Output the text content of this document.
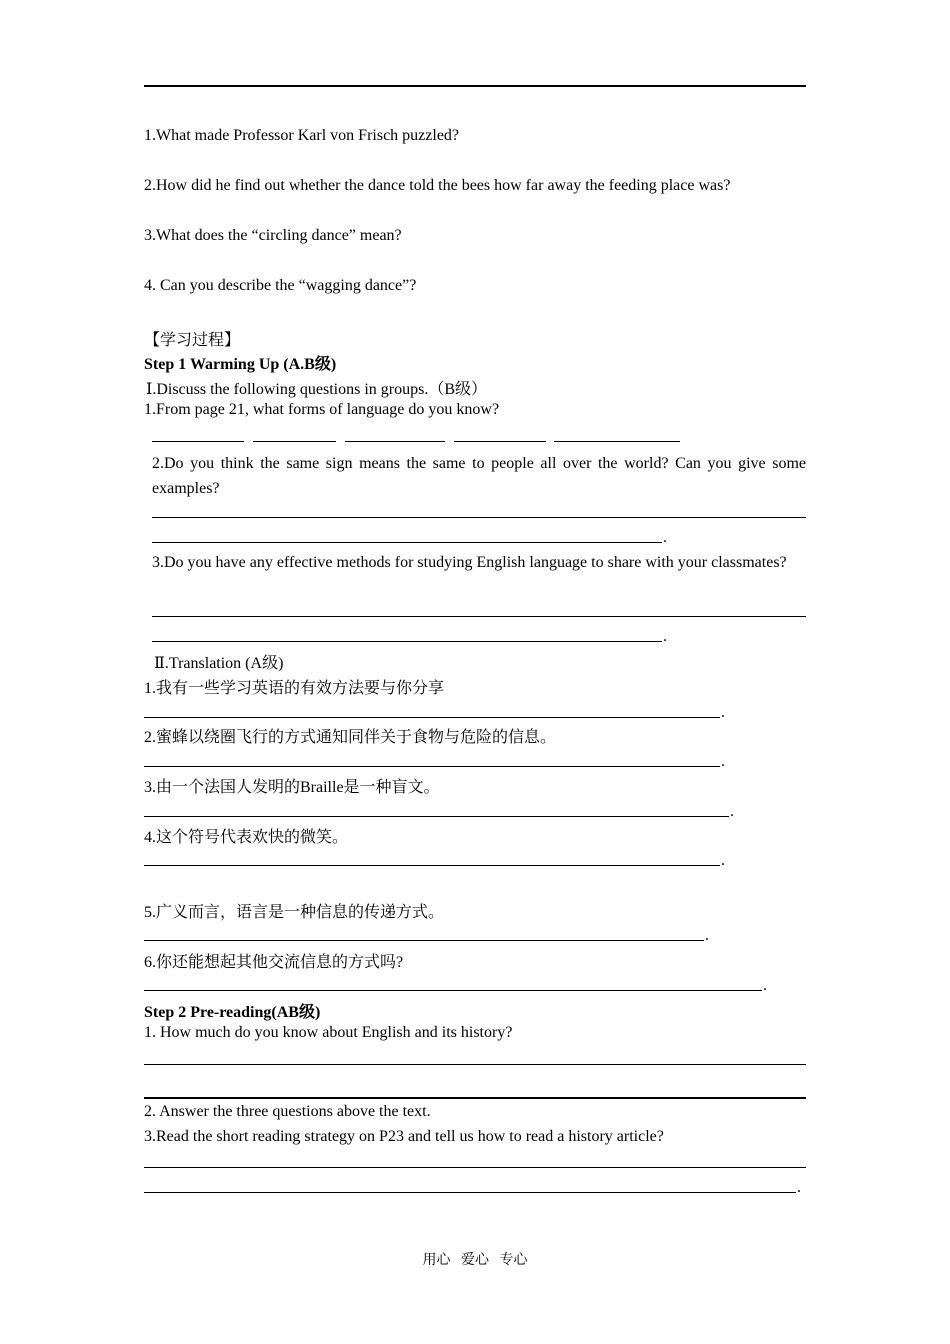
1.What made Professor Karl von Frisch puzzled?
2.How did he find out whether the dance told the bees how far away the feeding place was?
3.What does the “circling dance” mean?
4. Can you describe the “wagging dance”?
【学习过程】
Step 1 Warming Up (A.B级)
Ⅰ.Discuss the following questions in groups.（B级）
1.From page 21, what forms of language do you know?
2.Do you think the same sign means the same to people all over the world? Can you give some examples?
.
3.Do you have any effective methods for studying English language to share with your classmates?
.
Ⅱ.Translation (A级)
1.我有一些学习英语的有效方法要与你分享
.
2.蜜蜂以绕圈飞行的方式通知同伴关于食物与危险的信息。
.
3.由一个法国人发明的Braille是一种盲文。
.
4.这个符号代表欢快的微笑。
.
5.广义而言，语言是一种信息的传递方式。
.
6.你还能想起其他交流信息的方式吗?
.
Step 2 Pre-reading(AB级)
1. How much do you know about English and its history?
2. Answer the three questions above the text.
3.Read the short reading strategy on P23 and tell us how to read a history article?
.
用心   爱心   专心
